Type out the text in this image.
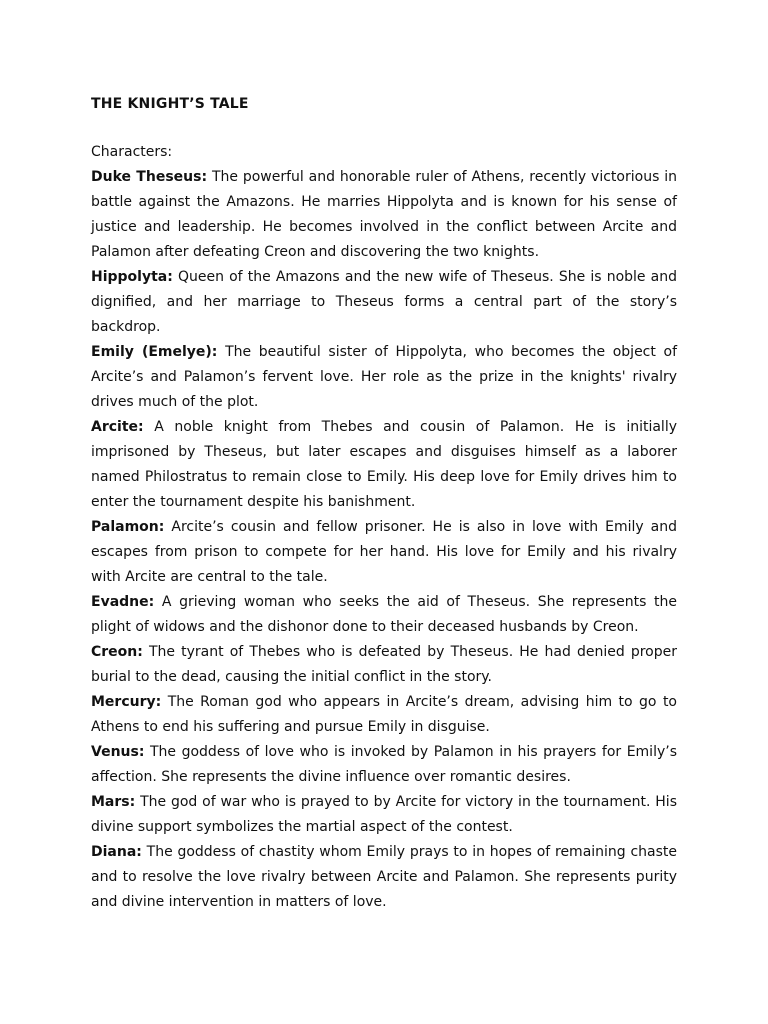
THE KNIGHT’S TALE
Characters:

Duke Theseus: The powerful and honorable ruler of Athens, recently victorious in battle against the Amazons. He marries Hippolyta and is known for his sense of justice and leadership. He becomes involved in the conflict between Arcite and Palamon after defeating Creon and discovering the two knights.

Hippolyta: Queen of the Amazons and the new wife of Theseus. She is noble and dignified, and her marriage to Theseus forms a central part of the story’s backdrop.

Emily (Emelye): The beautiful sister of Hippolyta, who becomes the object of Arcite’s and Palamon’s fervent love. Her role as the prize in the knights' rivalry drives much of the plot.

Arcite: A noble knight from Thebes and cousin of Palamon. He is initially imprisoned by Theseus, but later escapes and disguises himself as a laborer named Philostratus to remain close to Emily. His deep love for Emily drives him to enter the tournament despite his banishment.

Palamon: Arcite’s cousin and fellow prisoner. He is also in love with Emily and escapes from prison to compete for her hand. His love for Emily and his rivalry with Arcite are central to the tale.

Evadne: A grieving woman who seeks the aid of Theseus. She represents the plight of widows and the dishonor done to their deceased husbands by Creon.

Creon: The tyrant of Thebes who is defeated by Theseus. He had denied proper burial to the dead, causing the initial conflict in the story.

Mercury: The Roman god who appears in Arcite’s dream, advising him to go to Athens to end his suffering and pursue Emily in disguise.

Venus: The goddess of love who is invoked by Palamon in his prayers for Emily’s affection. She represents the divine influence over romantic desires.

Mars: The god of war who is prayed to by Arcite for victory in the tournament. His divine support symbolizes the martial aspect of the contest.

Diana: The goddess of chastity whom Emily prays to in hopes of remaining chaste and to resolve the love rivalry between Arcite and Palamon. She represents purity and divine intervention in matters of love.
